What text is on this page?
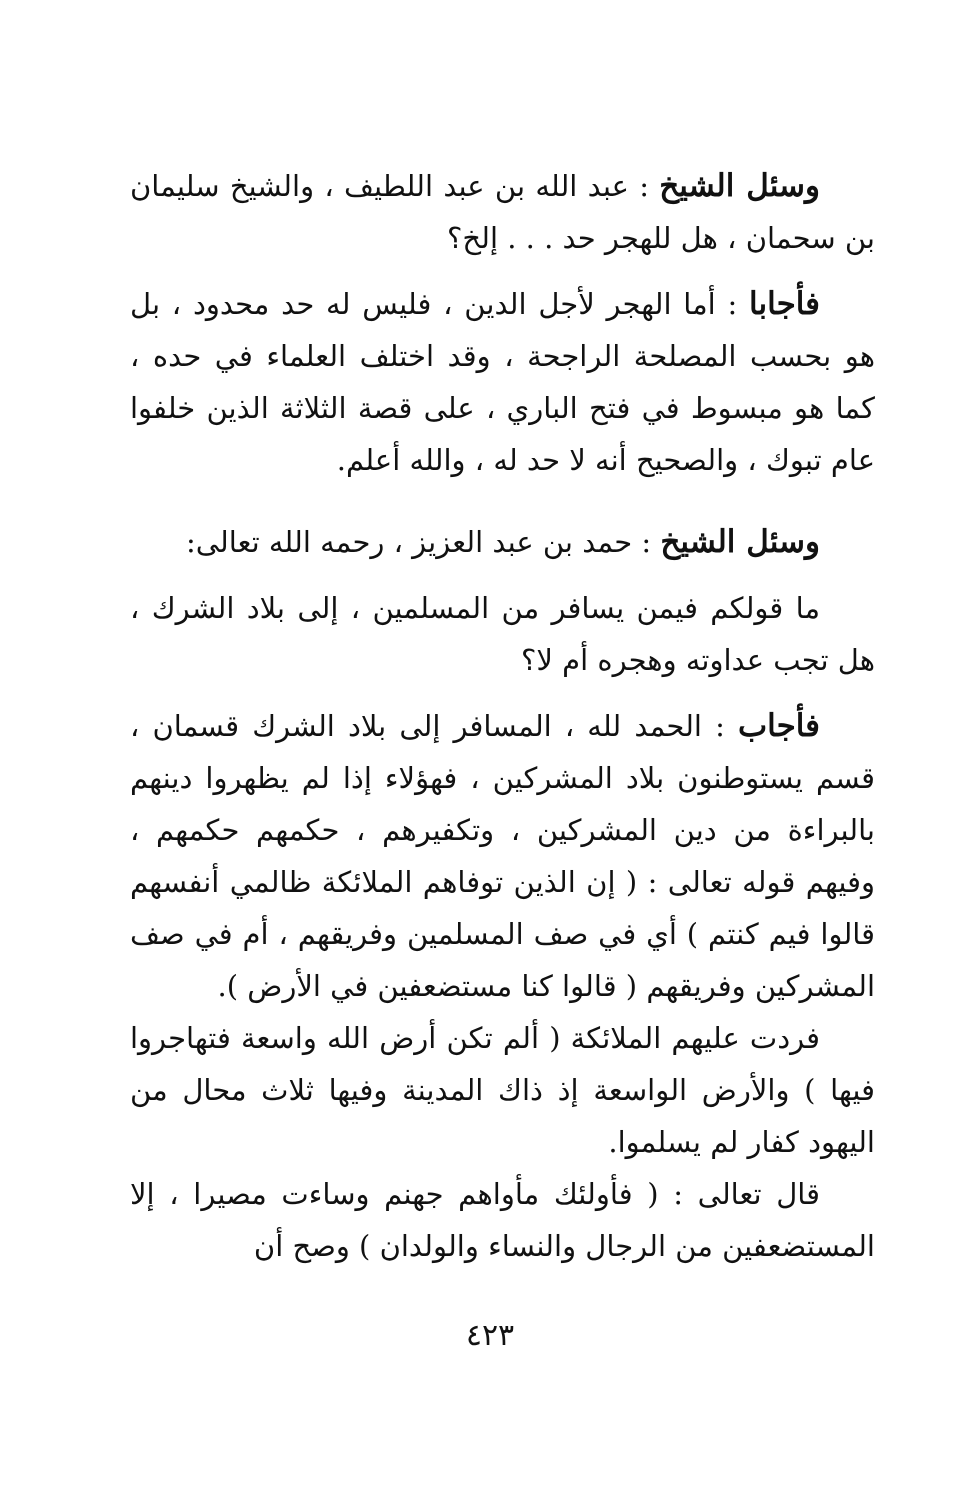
وسئل الشيخ : عبد الله بن عبد اللطيف ، والشيخ سليمان بن سحمان ، هل للهجر حد . . . إلخ؟

فأجابا : أما الهجر لأجل الدين ، فليس له حد محدود ، بل هو بحسب المصلحة الراجحة ، وقد اختلف العلماء في حده ، كما هو مبسوط في فتح الباري ، على قصة الثلاثة الذين خلفوا عام تبوك ، والصحيح أنه لا حد له ، والله أعلم.

وسئل الشيخ : حمد بن عبد العزيز ، رحمه الله تعالى:

ما قولكم فيمن يسافر من المسلمين ، إلى بلاد الشرك ، هل تجب عداوته وهجره أم لا؟

فأجاب : الحمد لله ، المسافر إلى بلاد الشرك قسمان ، قسم يستوطنون بلاد المشركين ، فهؤلاء إذا لم يظهروا دينهم بالبراءة من دين المشركين ، وتكفيرهم ، حكمهم حكمهم ، وفيهم قوله تعالى : ( إن الذين توفاهم الملائكة ظالمي أنفسهم قالوا فيم كنتم ) أي في صف المسلمين وفريقهم ، أم في صف المشركين وفريقهم ( قالوا كنا مستضعفين في الأرض ).

فردت عليهم الملائكة ( ألم تكن أرض الله واسعة فتهاجروا فيها ) والأرض الواسعة إذ ذاك المدينة وفيها ثلاث محال من اليهود كفار لم يسلموا.

قال تعالى : ( فأولئك مأواهم جهنم وساءت مصيرا ، إلا المستضعفين من الرجال والنساء والولدان ) وصح أن

٤٢٣
